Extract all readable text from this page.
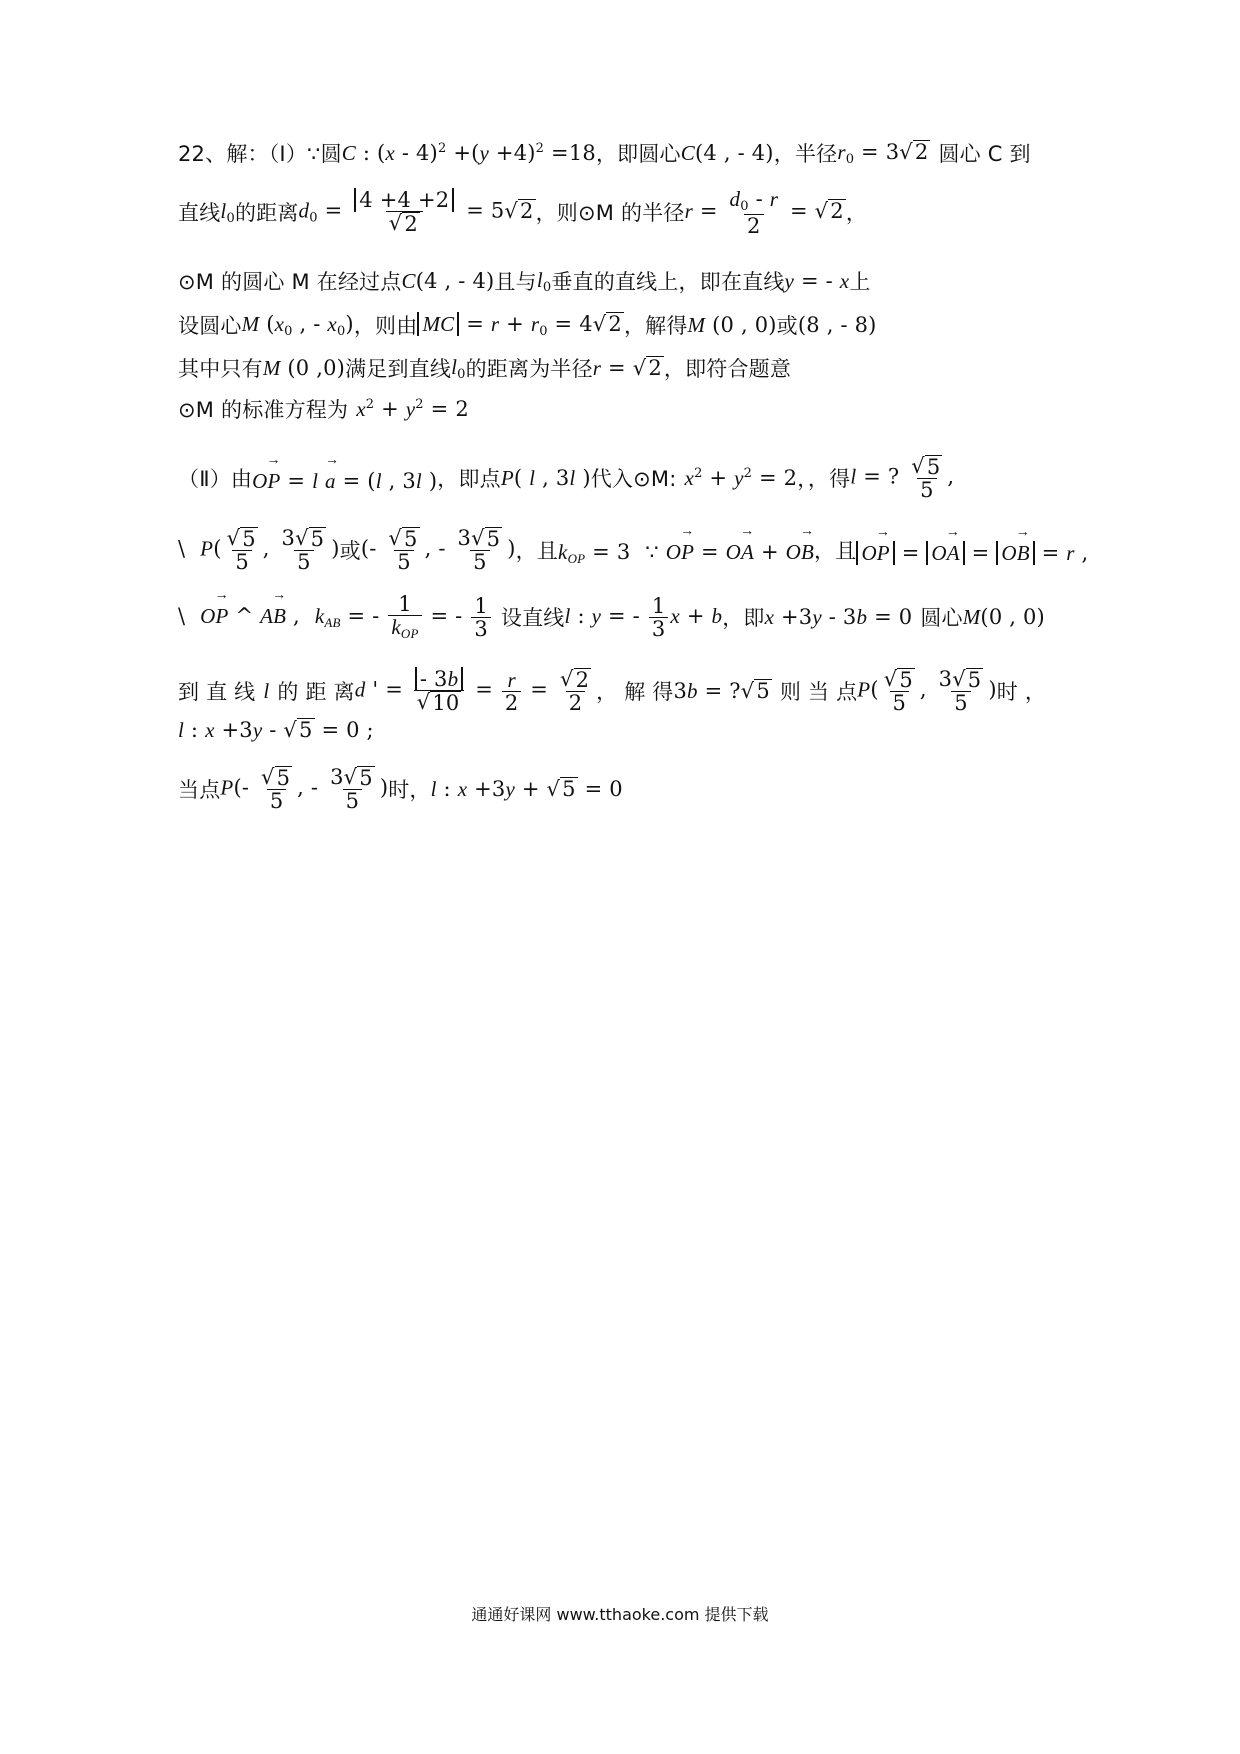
22、解：（Ⅰ）∵圆 C : $(x - 4)^2 +(y +4)^2 =18$ ，即圆心 C(4 , - 4) ，半径 $r_0 = 3$ √ 2 圆心 C 到
直线 $l_0$ 的距离 $d_0 = \frac{4 +4 +2}{√ 2} = 5$ √ 2 ，则⊙M 的半径 $r = \frac{d_0 - r}{2}$ = √ 2 ，
⊙M 的圆心 M 在经过点 C(4 , - 4) 且与 $l_0$ 垂直的直线上，即在直线 y = - x 上
设圆心 M ($x_0$ , - $x_0$) ，则由 MC = $r + r_0 = 4$ √ 2 ，解得 M (0 , 0) 或 (8 , - 8)
其中只有 M (0 ,0) 满足到直线 $l_0$ 的距离为半径 r = √ 2 ，即符合题意
⊙M 的标准方程为 $x^2 + y^2 = 2$
（Ⅱ）由 → OP = l → a = (l , 3l ) ，即点 P( l , 3l ) 代入⊙M: $x^2 + y^2 = 2$ ，，得 l = ? $\frac{√ 5}{5}$ ,
\ $P( \frac{√ 5}{5}$ , $\frac{3 √ 5}{5}$ ) 或 (- $\frac{√ 5}{5}$ , - $\frac{3 √ 5}{5}$ ) ，且 $k_{OP} = 3$ ∵ → OP = → OA + → OB ，且 → OP = → OA = → OB = r ,
\ → OP ^ → AB , $k_{AB}$ = - $\frac{1}{k_{OP}}$ = - $\frac{1}{3}$ 设直线 l : y = - $\frac{1}{3}$ x + b ，即 x +3y - 3b = 0 圆心 M(0 , 0)
到 直 线 l 的 距 离 d ' = $\frac{- 3b}{√ 10} = \frac{r}{2} = \frac{√ 2}{2}$ ， 解 得 3b = ? √ 5 则 当 点 $P( \frac{√ 5}{5}$ , $\frac{3 √ 5}{5}$ ) 时 ，
l : x +3y - √ 5 = 0 ;
当点 $P(- \frac{√ 5}{5}$ , - $\frac{3 √ 5}{5}$ ) 时， l : x +3y + √ 5 = 0
通通好课网 www.tthaoke.com 提供下载
